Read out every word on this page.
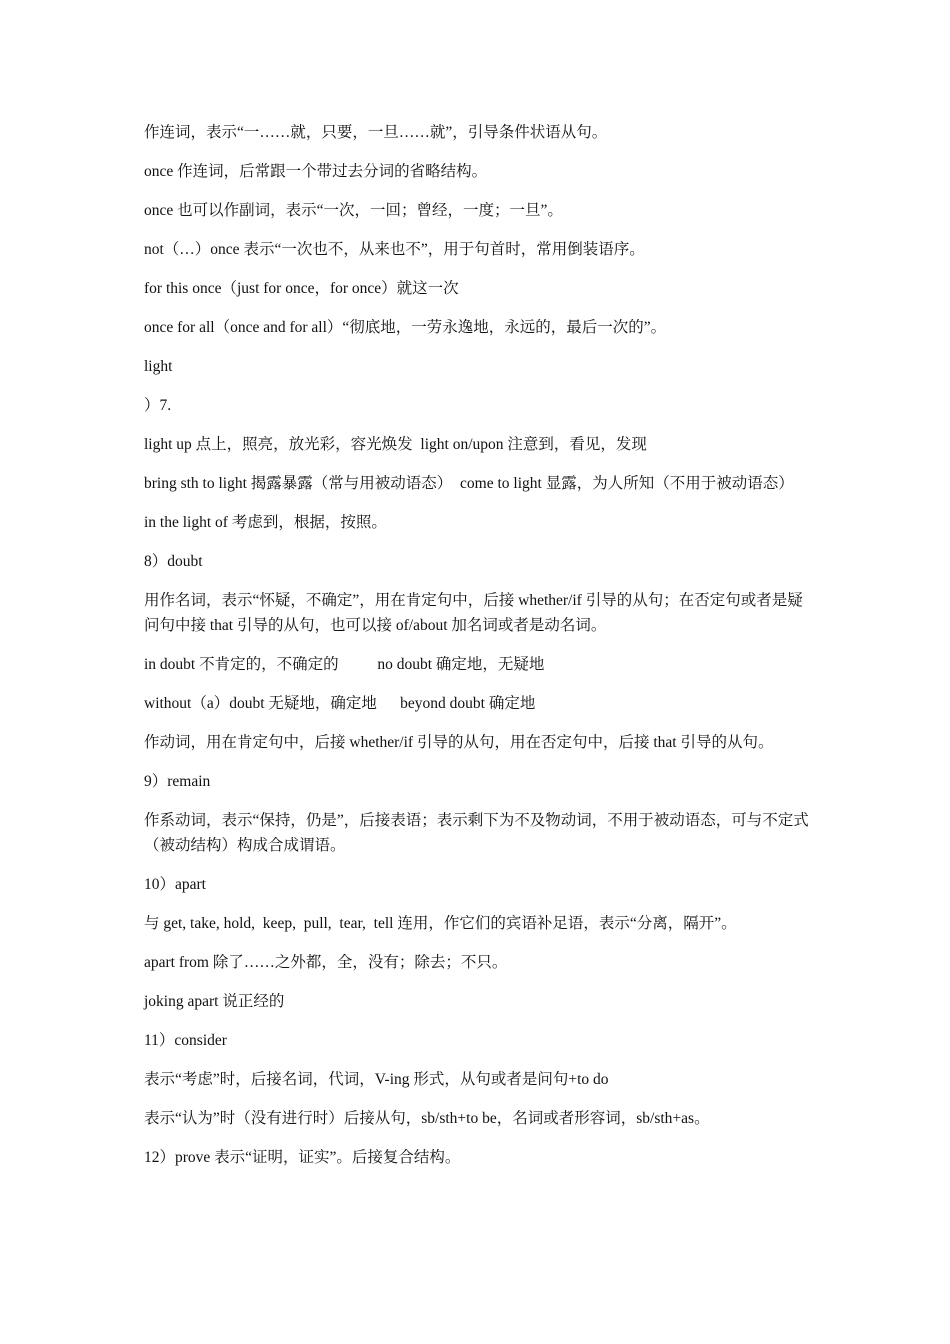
作连词，表示“一……就，只要，一旦……就”，引导条件状语从句。

once 作连词，后常跟一个带过去分词的省略结构。

once 也可以作副词，表示“一次，一回；曾经，一度；一旦”。

not（…）once 表示“一次也不，从来也不”，用于句首时，常用倒装语序。

for this once（just for once，for once）就这一次

once for all（once and for all）“彻底地，一劳永逸地，永远的，最后一次的”。

light

）7.

light up 点上，照亮，放光彩，容光焕发  light on/upon 注意到，看见，发现

bring sth to light 揭露暴露（常与用被动语态）  come to light 显露，为人所知（不用于被动语态）

in the light of 考虑到，根据，按照。

8）doubt

用作名词，表示“怀疑，不确定”，用在肯定句中，后接 whether/if 引导的从句；在否定句或者是疑问句中接 that 引导的从句，也可以接 of/about 加名词或者是动名词。

in doubt 不肯定的，不确定的          no doubt 确定地，无疑地

without（a）doubt 无疑地，确定地      beyond doubt 确定地

作动词，用在肯定句中，后接 whether/if 引导的从句，用在否定句中，后接 that 引导的从句。

9）remain

作系动词，表示“保持，仍是”，后接表语；表示剩下为不及物动词，不用于被动语态，可与不定式（被动结构）构成合成谓语。

10）apart

与 get, take, hold,  keep,  pull,  tear,  tell 连用，作它们的宾语补足语，表示“分离，隔开”。

apart from 除了……之外都，全，没有；除去；不只。

joking apart 说正经的

11）consider

表示“考虑”时，后接名词，代词，V-ing 形式，从句或者是问句+to do

表示“认为”时（没有进行时）后接从句，sb/sth+to be，名词或者形容词，sb/sth+as。

12）prove 表示“证明，证实”。后接复合结构。
